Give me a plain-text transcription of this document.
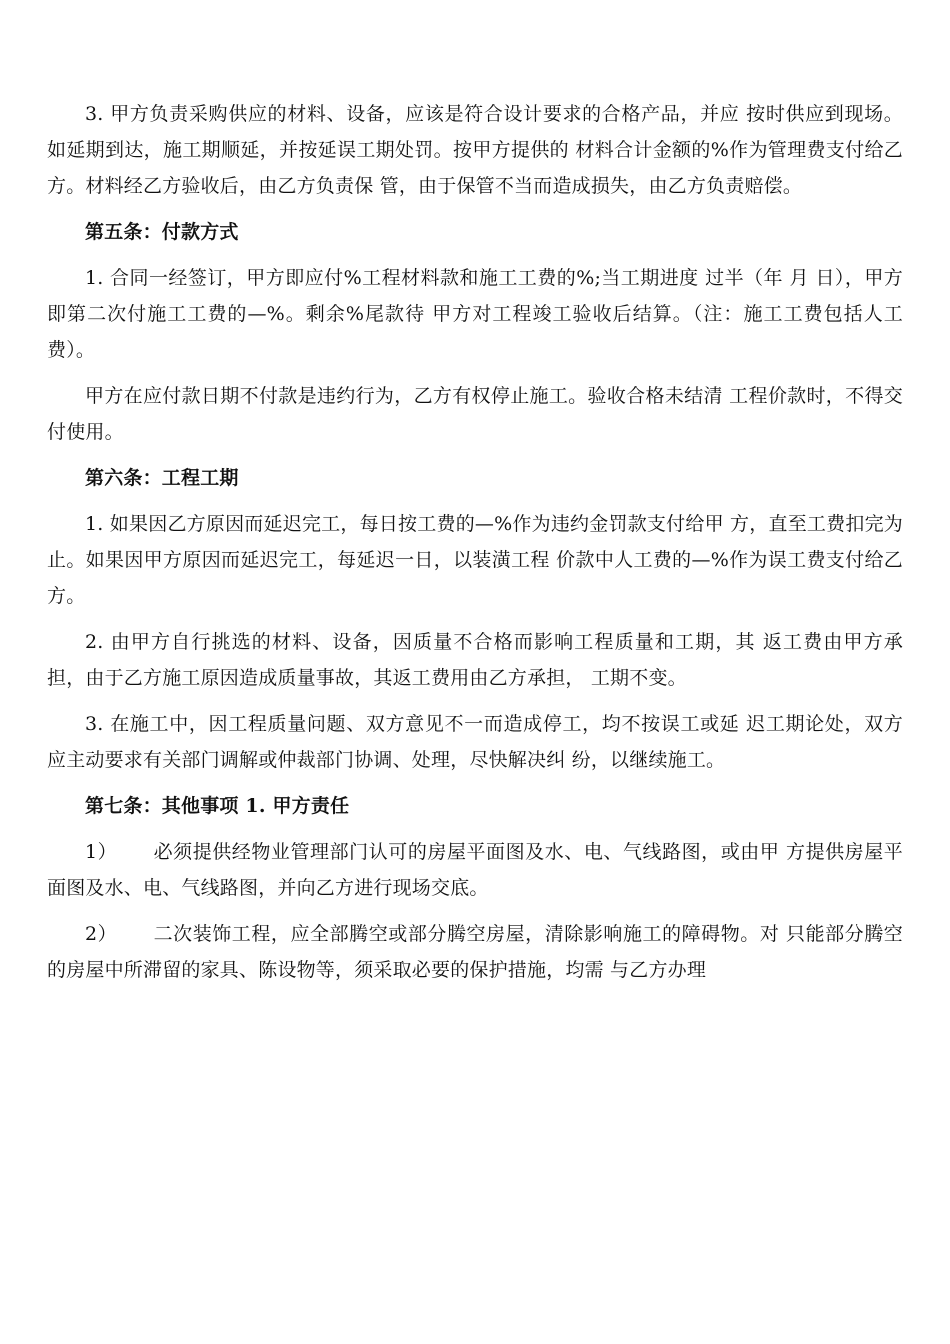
3. 甲方负责采购供应的材料、设备，应该是符合设计要求的合格产品，并应 按时供应到现场。如延期到达，施工期顺延，并按延误工期处罚。按甲方提供的 材料合计金额的%作为管理费支付给乙方。材料经乙方验收后，由乙方负责保 管，由于保管不当而造成损失，由乙方负责赔偿。

第五条：付款方式

1. 合同一经签订，甲方即应付%工程材料款和施工工费的%;当工期进度 过半（年 月 日），甲方即第二次付施工工费的—%。剩余%尾款待 甲方对工程竣工验收后结算。（注：施工工费包括人工费）。

甲方在应付款日期不付款是违约行为，乙方有权停止施工。验收合格未结清 工程价款时，不得交付使用。

第六条：工程工期

1. 如果因乙方原因而延迟完工，每日按工费的—%作为违约金罚款支付给甲 方，直至工费扣完为止。如果因甲方原因而延迟完工，每延迟一日，以装潢工程 价款中人工费的—%作为误工费支付给乙方。

2. 由甲方自行挑选的材料、设备，因质量不合格而影响工程质量和工期，其 返工费由甲方承担，由于乙方施工原因造成质量事故，其返工费用由乙方承担， 工期不变。

3. 在施工中，因工程质量问题、双方意见不一而造成停工，均不按误工或延 迟工期论处，双方应主动要求有关部门调解或仲裁部门协调、处理，尽快解决纠 纷，以继续施工。

第七条：其他事项 1. 甲方责任

1） 必须提供经物业管理部门认可的房屋平面图及水、电、气线路图，或由甲 方提供房屋平面图及水、电、气线路图，并向乙方进行现场交底。

2） 二次装饰工程，应全部腾空或部分腾空房屋，清除影响施工的障碍物。对 只能部分腾空的房屋中所滞留的家具、陈设物等，须采取必要的保护措施，均需 与乙方办理
